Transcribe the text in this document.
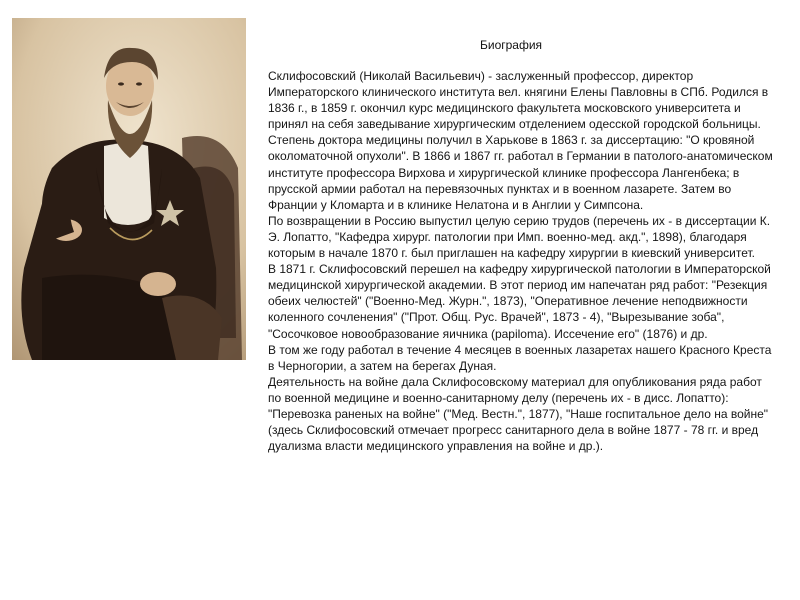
Биография

Склифосовский (Николай Васильевич) - заслуженный профессор, директор Императорского клинического института вел. княгини Елены Павловны в СПб. Родился в 1836 г., в 1859 г. окончил курс медицинского факультета московского университета и принял на себя заведывание хирургическим отделением одесской городской больницы.

Степень доктора медицины получил в Харькове в 1863 г. за диссертацию: "О кровяной околоматочной опухоли". В 1866 и 1867 гг. работал в Германии в патолого-анатомическом институте профессора Вирхова и хирургической клинике профессора Лангенбека; в прусской армии работал на перевязочных пунктах и в военном лазарете. Затем во Франции у Кломарта и в клинике Нелатона и в Англии у Симпсона.

По возвращении в Россию выпустил целую серию трудов (перечень их - в диссертации К. Э. Лопатто, "Кафедра хирург. патологии при Имп. военно-мед. акд.", 1898), благодаря которым в начале 1870 г. был приглашен на кафедру хирургии в киевский университет.

В 1871 г. Склифосовский перешел на кафедру хирургической патологии в Императорской медицинской хирургической академии. В этот период им напечатан ряд работ: "Резекция обеих челюстей" ("Военно-Мед. Журн.", 1873), "Оперативное лечение неподвижности коленного сочленения" ("Прот. Общ. Рус. Врачей", 1873 - 4), "Вырезывание зоба", "Сосочковое новообразование яичника (papiloma). Иссечение его" (1876) и др.

В том же году работал в течение 4 месяцев в военных лазаретах нашего Красного Креста в Черногории, а затем на берегах Дуная.

Деятельность на войне дала Склифосовскому материал для опубликования ряда работ по военной медицине и военно-санитарному делу (перечень их - в дисс. Лопатто): "Перевозка раненых на войне" ("Мед. Вестн.", 1877), "Наше госпитальное дело на войне" (здесь Склифосовский отмечает прогресс санитарного дела в войне 1877 - 78 гг. и вред дуализма власти медицинского управления на войне и др.).
